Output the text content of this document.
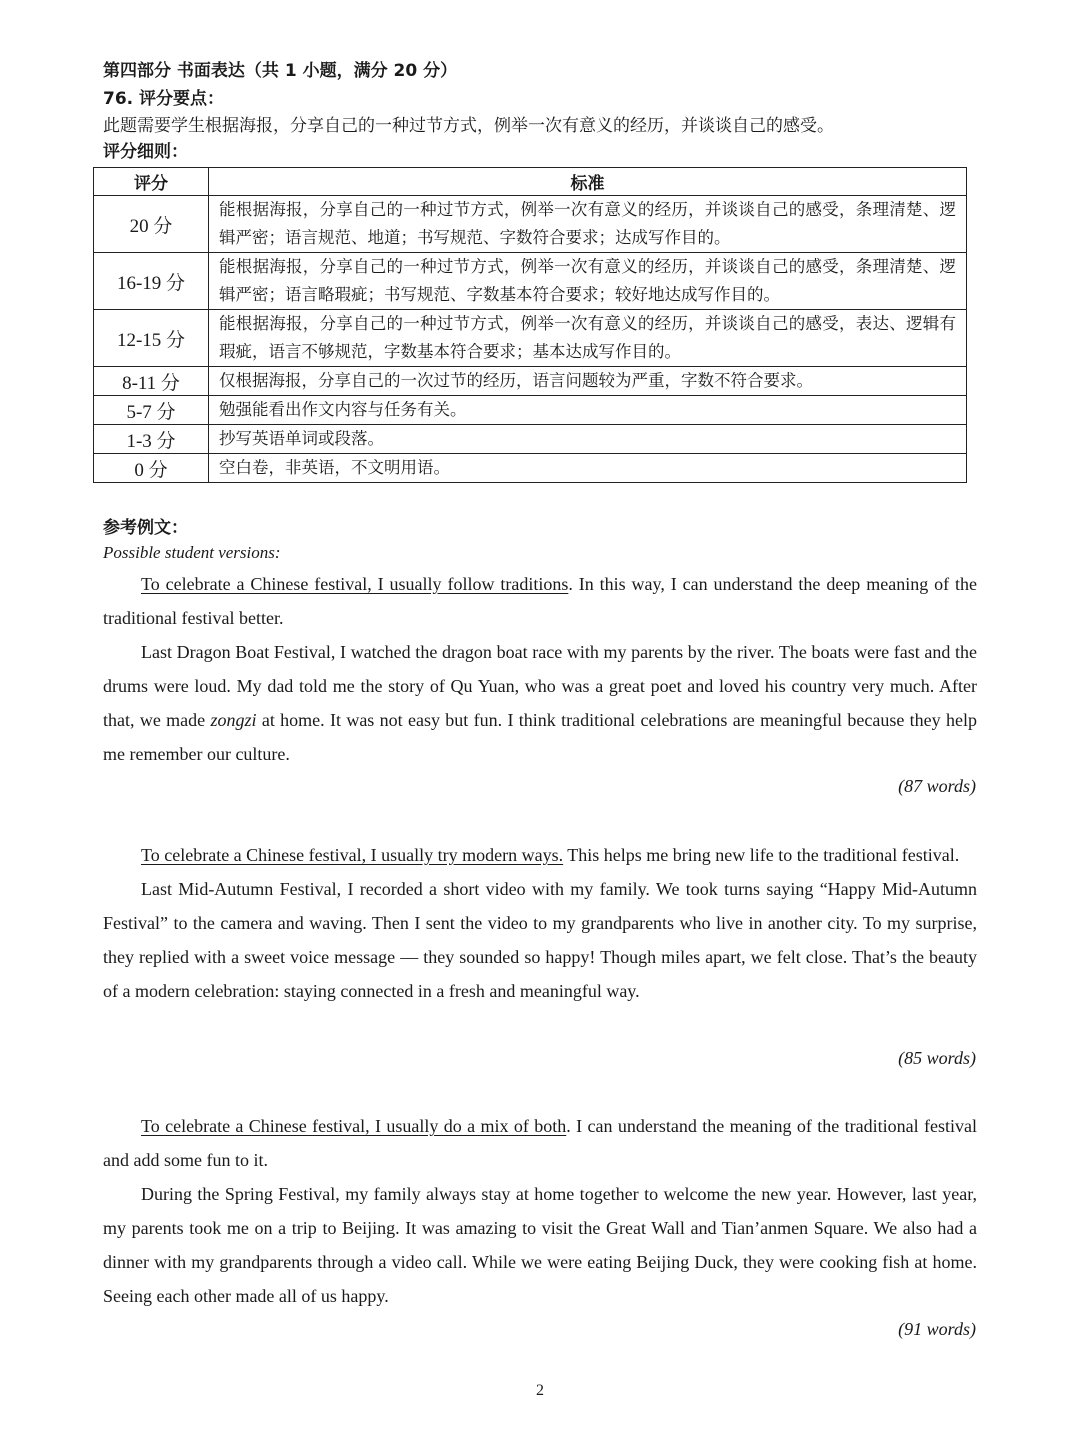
第四部分 书面表达（共 1 小题，满分 20 分）
76. 评分要点：
此题需要学生根据海报，分享自己的一种过节方式，例举一次有意义的经历，并谈谈自己的感受。
评分细则：
评分	标准
20 分	能根据海报，分享自己的一种过节方式，例举一次有意义的经历，并谈谈自己的感受，条理清楚、逻辑严密；语言规范、地道；书写规范、字数符合要求；达成写作目的。
16-19 分	能根据海报，分享自己的一种过节方式，例举一次有意义的经历，并谈谈自己的感受，条理清楚、逻辑严密；语言略瑕疵；书写规范、字数基本符合要求；较好地达成写作目的。
12-15 分	能根据海报，分享自己的一种过节方式，例举一次有意义的经历，并谈谈自己的感受，表达、逻辑有瑕疵，语言不够规范，字数基本符合要求；基本达成写作目的。
8-11 分	仅根据海报，分享自己的一次过节的经历，语言问题较为严重，字数不符合要求。
5-7 分	勉强能看出作文内容与任务有关。
1-3 分	抄写英语单词或段落。
0 分	空白卷，非英语，不文明用语。
参考例文：
Possible student versions:

To celebrate a Chinese festival, I usually follow traditions. In this way, I can understand the deep meaning of the traditional festival better.

Last Dragon Boat Festival, I watched the dragon boat race with my parents by the river. The boats were fast and the drums were loud. My dad told me the story of Qu Yuan, who was a great poet and loved his country very much. After that, we made zongzi at home. It was not easy but fun. I think traditional celebrations are meaningful because they help me remember our culture.

(87 words)

To celebrate a Chinese festival, I usually try modern ways. This helps me bring new life to the traditional festival.

Last Mid-Autumn Festival, I recorded a short video with my family. We took turns saying “Happy Mid-Autumn Festival” to the camera and waving. Then I sent the video to my grandparents who live in another city. To my surprise, they replied with a sweet voice message — they sounded so happy! Though miles apart, we felt close. That’s the beauty of a modern celebration: staying connected in a fresh and meaningful way.

(85 words)

To celebrate a Chinese festival, I usually do a mix of both. I can understand the meaning of the traditional festival and add some fun to it.

During the Spring Festival, my family always stay at home together to welcome the new year. However, last year, my parents took me on a trip to Beijing. It was amazing to visit the Great Wall and Tian’anmen Square. We also had a dinner with my grandparents through a video call. While we were eating Beijing Duck, they were cooking fish at home. Seeing each other made all of us happy.

(91 words)
2
